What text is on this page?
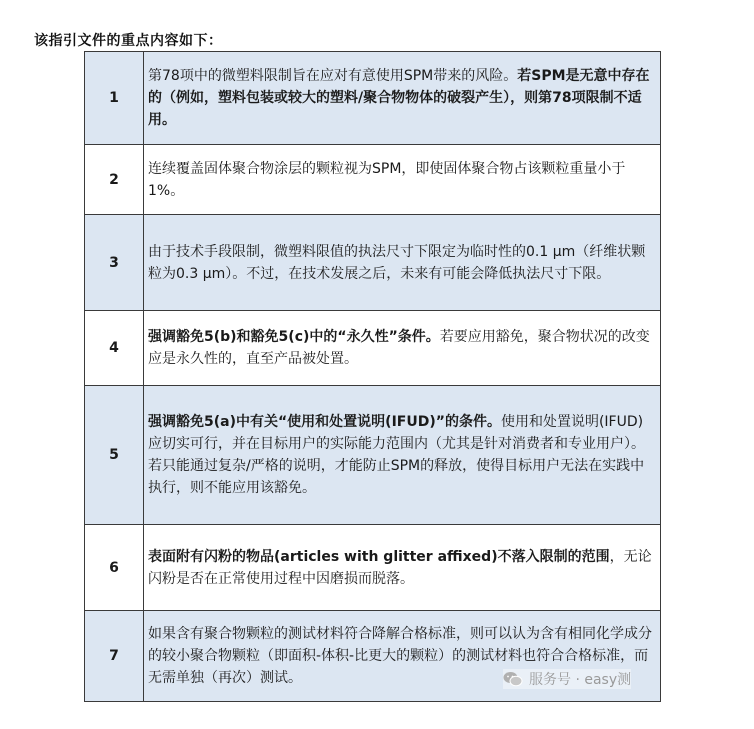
该指引文件的重点内容如下：
1	第78项中的微塑料限制旨在应对有意使用SPM带来的风险。若SPM是无意中存在的（例如，塑料包装或较大的塑料/聚合物物体的破裂产生），则第78项限制不适用。
2	连续覆盖固体聚合物涂层的颗粒视为SPM，即使固体聚合物占该颗粒重量小于1%。
3	由于技术手段限制，微塑料限值的执法尺寸下限定为临时性的0.1 μm（纤维状颗粒为0.3 μm）。不过，在技术发展之后，未来有可能会降低执法尺寸下限。
4	强调豁免5(b)和豁免5(c)中的“永久性”条件。若要应用豁免，聚合物状况的改变应是永久性的，直至产品被处置。
5	强调豁免5(a)中有关“使用和处置说明(IFUD)”的条件。使用和处置说明(IFUD)应切实可行，并在目标用户的实际能力范围内（尤其是针对消费者和专业用户）。若只能通过复杂/严格的说明，才能防止SPM的释放，使得目标用户无法在实践中执行，则不能应用该豁免。
6	表面附有闪粉的物品(articles with glitter affixed)不落入限制的范围，无论闪粉是否在正常使用过程中因磨损而脱落。
7	如果含有聚合物颗粒的测试材料符合降解合格标准，则可以认为含有相同化学成分的较小聚合物颗粒（即面积-体积-比更大的颗粒）的测试材料也符合合格标准，而无需单独（再次）测试。	服务号 · easy测
